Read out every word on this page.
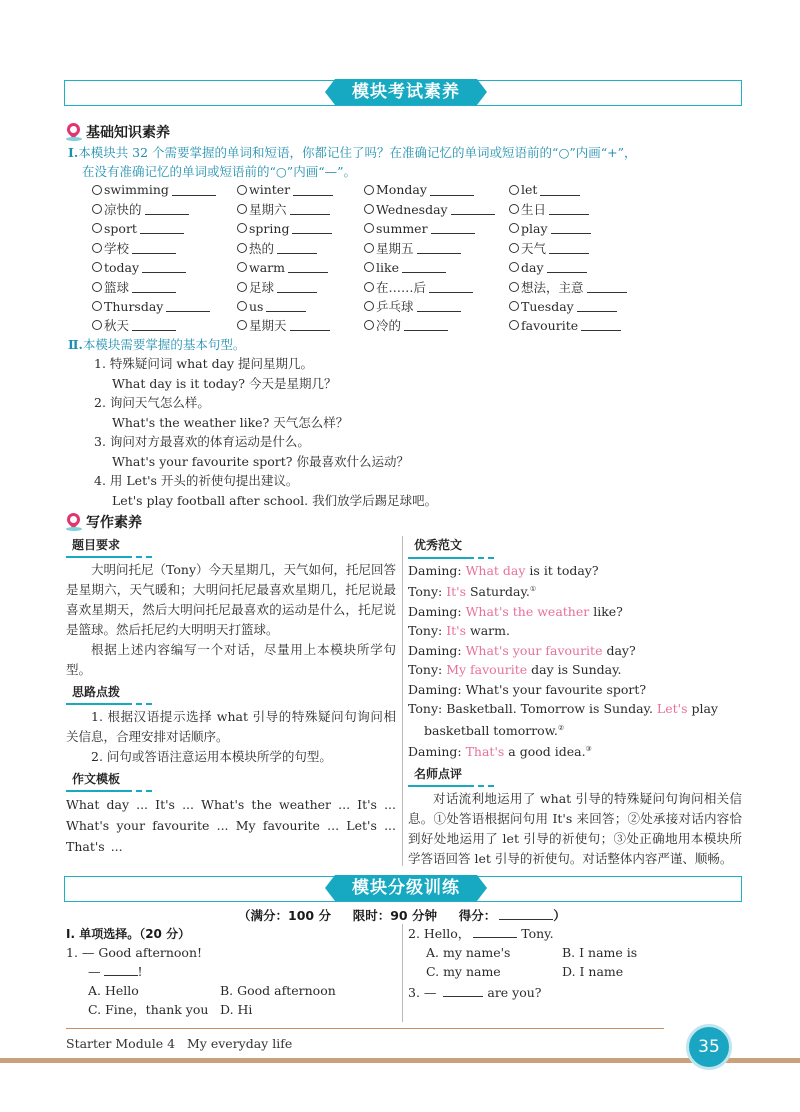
模块考试素养
基础知识素养
Ⅰ.本模块共 32 个需要掌握的单词和短语，你都记住了吗？在准确记忆的单词或短语前的“○”内画“+”，
在没有准确记忆的单词或短语前的“○”内画“—”。
swimming	winter	Monday	let
凉快的	星期六	Wednesday	生日
sport	spring	summer	play
学校	热的	星期五	天气
today	warm	like	day
篮球	足球	在……后	想法，主意
Thursday	us	乒乓球	Tuesday
秋天	星期天	冷的	favourite
Ⅱ.本模块需要掌握的基本句型。
1. 特殊疑问词 what day 提问星期几。
What day is it today? 今天是星期几？
2. 询问天气怎么样。
What's the weather like? 天气怎么样？
3. 询问对方最喜欢的体育运动是什么。
What's your favourite sport? 你最喜欢什么运动？
4. 用 Let's 开头的祈使句提出建议。
Let's play football after school. 我们放学后踢足球吧。
写作素养
题目要求
大明问托尼（Tony）今天星期几，天气如何，托尼回答是星期六，天气暖和；大明问托尼最喜欢星期几，托尼说最喜欢星期天，然后大明问托尼最喜欢的运动是什么，托尼说是篮球。然后托尼约大明明天打篮球。
根据上述内容编写一个对话，尽量用上本模块所学句型。
思路点拨
1. 根据汉语提示选择 what 引导的特殊疑问句询问相关信息，合理安排对话顺序。
2. 问句或答语注意运用本模块所学的句型。
作文模板
What day ... It's ... What's the weather ... It's ... What's your favourite ... My favourite ... Let's ... That's ...
优秀范文
Daming: What day is it today?
Tony: It's Saturday.①
Daming: What's the weather like?
Tony: It's warm.
Daming: What's your favourite day?
Tony: My favourite day is Sunday.
Daming: What's your favourite sport?
Tony: Basketball. Tomorrow is Sunday. Let's play
basketball tomorrow.②
Daming: That's a good idea.③
名师点评
对话流利地运用了 what 引导的特殊疑问句询问相关信息。①处答语根据问句用 It's 来回答；②处承接对话内容恰到好处地运用了 let 引导的祈使句；③处正确地用本模块所学答语回答 let 引导的祈使句。对话整体内容严谨、顺畅。
模块分级训练
（满分：100 分 限时：90 分钟 得分：	）
Ⅰ. 单项选择。（20 分）
1. — Good afternoon!
—	!
A. Hello	B. Good afternoon
C. Fine，thank you D. Hi
2. Hello，	Tony.
A. my name's	B. I name is
C. my name	D. I name
3. —	are you?
Starter Module 4   My everyday life	35
